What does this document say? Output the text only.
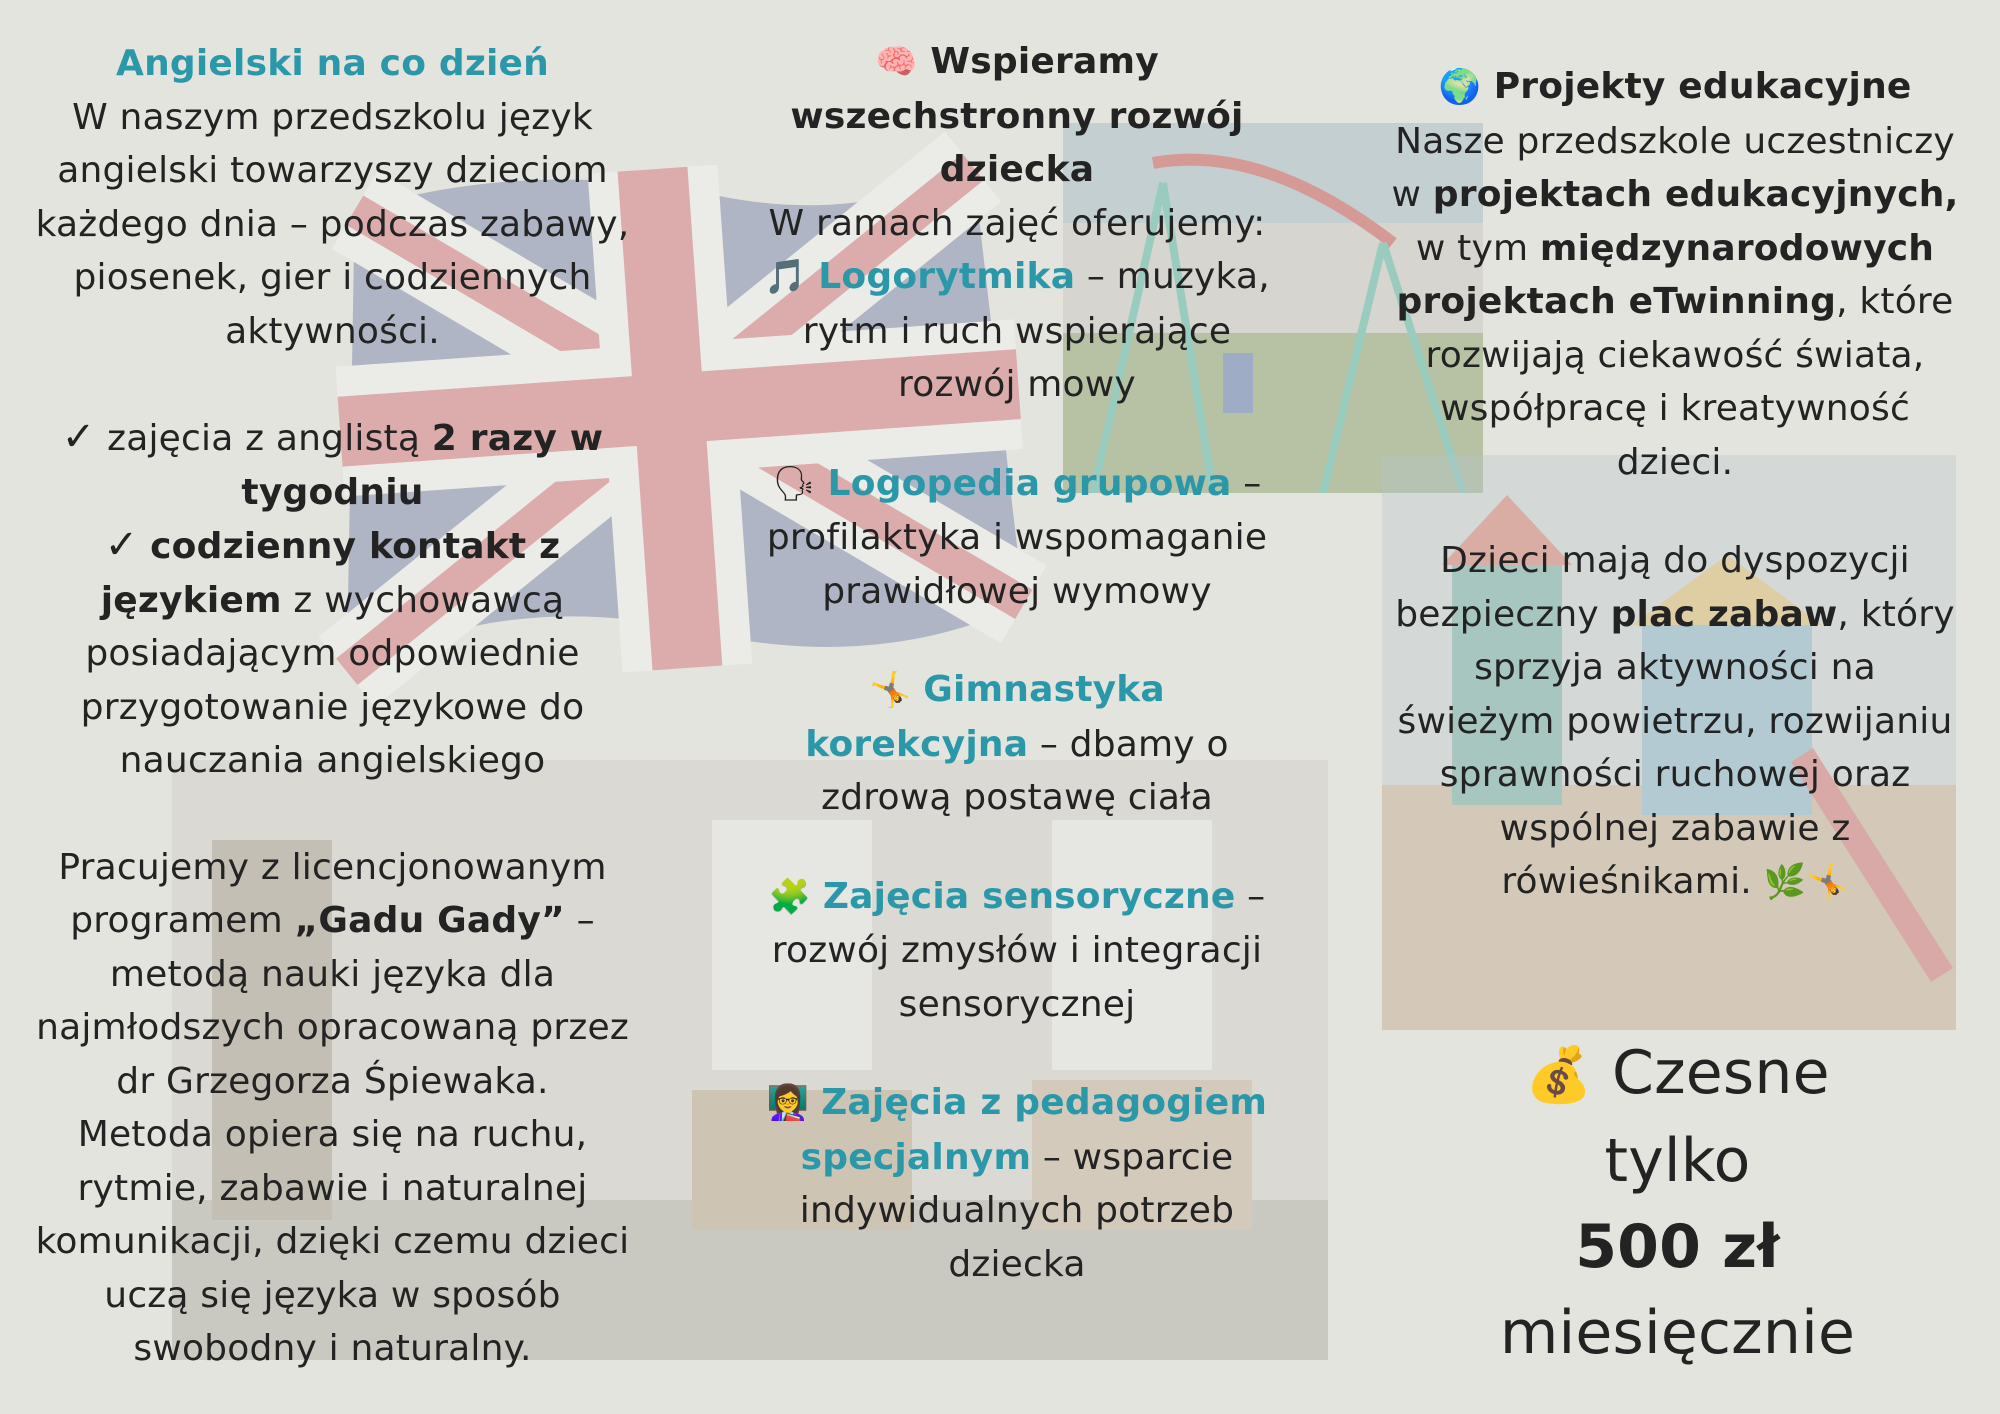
Angielski na co dzień

W naszym przedszkolu język angielski towarzyszy dzieciom każdego dnia – podczas zabawy, piosenek, gier i codziennych aktywności.

✓ zajęcia z anglistą 2 razy w tygodniu

✓ codzienny kontakt z językiem z wychowawcą posiadającym odpowiednie przygotowanie językowe do nauczania angielskiego

Pracujemy z licencjonowanym programem „Gadu Gady” – metodą nauki języka dla najmłodszych opracowaną przez dr Grzegorza Śpiewaka.

Metoda opiera się na ruchu, rytmie, zabawie i naturalnej komunikacji, dzięki czemu dzieci uczą się języka w sposób swobodny i naturalny.

🧠 Wspieramy wszechstronny rozwój dziecka

W ramach zajęć oferujemy:

🎵 Logorytmika – muzyka, rytm i ruch wspierające rozwój mowy

🗣 Logopedia grupowa – profilaktyka i wspomaganie prawidłowej wymowy

🤸 Gimnastyka korekcyjna – dbamy o zdrową postawę ciała

🧩 Zajęcia sensoryczne – rozwój zmysłów i integracji sensorycznej

👩‍🏫 Zajęcia z pedagogiem specjalnym – wsparcie indywidualnych potrzeb dziecka

🌍 Projekty edukacyjne

Nasze przedszkole uczestniczy w projektach edukacyjnych, w tym międzynarodowych projektach eTwinning, które rozwijają ciekawość świata, współpracę i kreatywność dzieci.

Dzieci mają do dyspozycji bezpieczny plac zabaw, który sprzyja aktywności na świeżym powietrzu, rozwijaniu sprawności ruchowej oraz wspólnej zabawie z rówieśnikami. 🌿🤸

💰 Czesne

tylko

500 zł

miesięcznie
